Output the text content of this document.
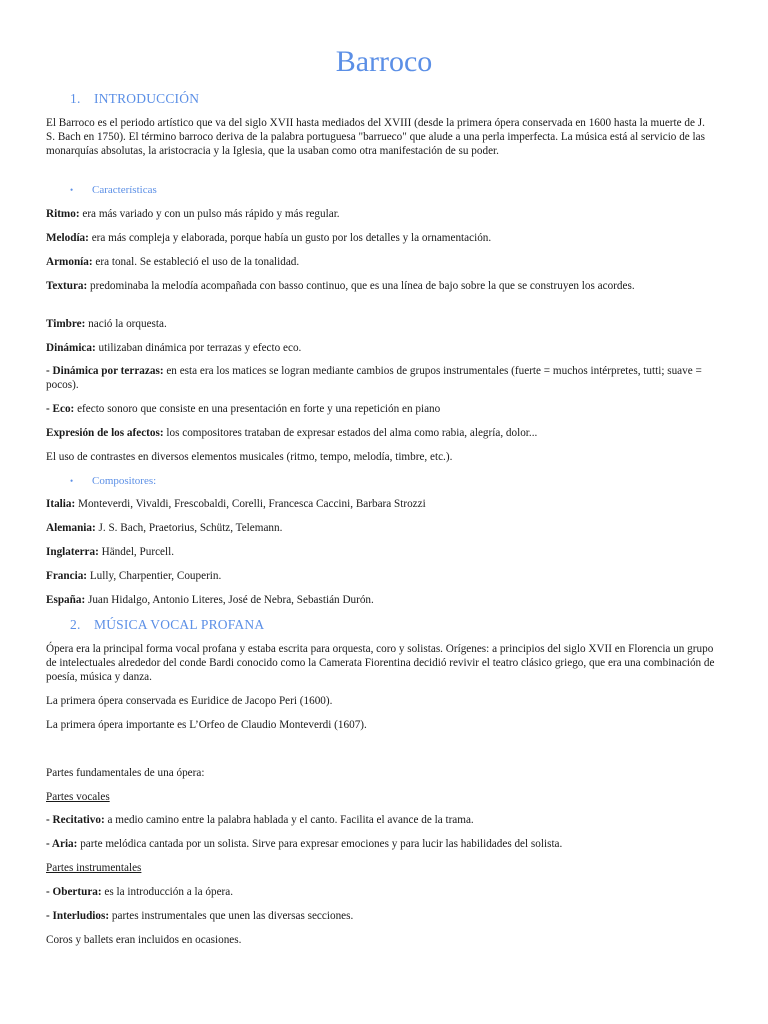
Barroco
1. INTRODUCCIÓN

El Barroco es el periodo artístico que va del siglo XVII hasta mediados del XVIII (desde la primera ópera conservada en 1600 hasta la muerte de J. S. Bach en 1750). El término barroco deriva de la palabra portuguesa "barrueco" que alude a una perla imperfecta. La música está al servicio de las monarquías absolutas, la aristocracia y la Iglesia, que la usaban como otra manifestación de su poder.

• Características

Ritmo: era más variado y con un pulso más rápido y más regular.

Melodía: era más compleja y elaborada, porque había un gusto por los detalles y la ornamentación.

Armonía: era tonal. Se estableció el uso de la tonalidad.

Textura: predominaba la melodía acompañada con basso continuo, que es una línea de bajo sobre la que se construyen los acordes.

Timbre: nació la orquesta.

Dinámica: utilizaban dinámica por terrazas y efecto eco.

- Dinámica por terrazas: en esta era los matices se logran mediante cambios de grupos instrumentales (fuerte = muchos intérpretes, tutti; suave = pocos).

- Eco: efecto sonoro que consiste en una presentación en forte y una repetición en piano

Expresión de los afectos: los compositores trataban de expresar estados del alma como rabia, alegría, dolor...

El uso de contrastes en diversos elementos musicales (ritmo, tempo, melodía, timbre, etc.).

• Compositores:

Italia: Monteverdi, Vivaldi, Frescobaldi, Corelli, Francesca Caccini, Barbara Strozzi

Alemania: J. S. Bach, Praetorius, Schütz, Telemann.

Inglaterra: Händel, Purcell.

Francia: Lully, Charpentier, Couperin.

España: Juan Hidalgo, Antonio Literes, José de Nebra, Sebastián Durón.

2. MÚSICA VOCAL PROFANA

Ópera era la principal forma vocal profana y estaba escrita para orquesta, coro y solistas. Orígenes: a principios del siglo XVII en Florencia un grupo de intelectuales alrededor del conde Bardi conocido como la Camerata Fiorentina decidió revivir el teatro clásico griego, que era una combinación de poesía, música y danza.

La primera ópera conservada es Euridice de Jacopo Peri (1600).

La primera ópera importante es L’Orfeo de Claudio Monteverdi (1607).

Partes fundamentales de una ópera:

Partes vocales

- Recitativo: a medio camino entre la palabra hablada y el canto. Facilita el avance de la trama.

- Aria: parte melódica cantada por un solista. Sirve para expresar emociones y para lucir las habilidades del solista.

Partes instrumentales

- Obertura: es la introducción a la ópera.

- Interludios: partes instrumentales que unen las diversas secciones.

Coros y ballets eran incluidos en ocasiones.
